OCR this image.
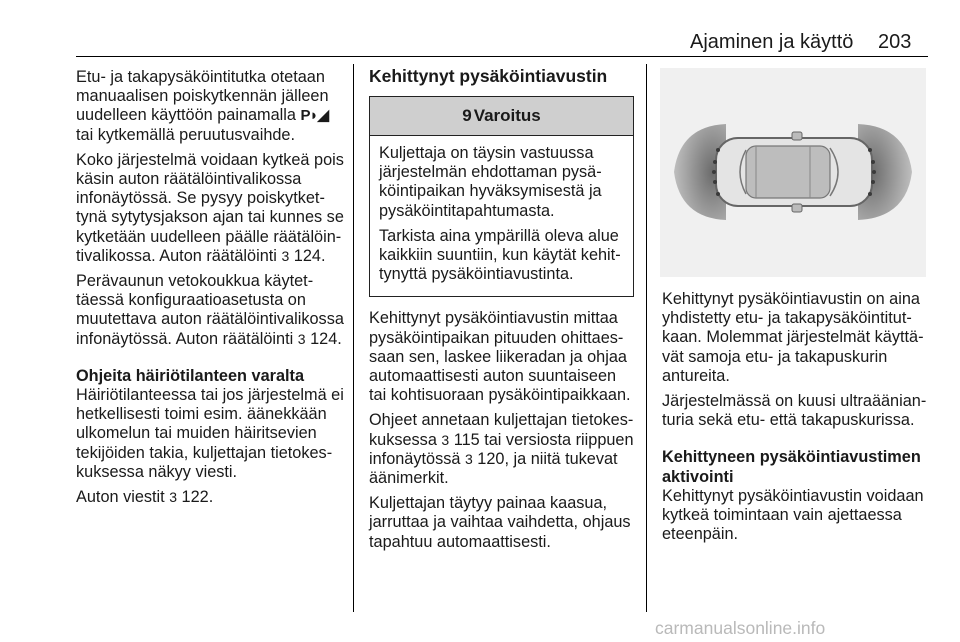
Ajaminen ja käyttö 203

Etu- ja takapysäköintitutka otetaan manuaalisen poiskytkennän jälleen uudelleen käyttöön painamalla P◗◢ tai kytkemällä peruutusvaihde.

Koko järjestelmä voidaan kytkeä pois käsin auton räätälöintivalikossa infonäytössä. Se pysyy poiskytkettynä sytytysjakson ajan tai kunnes se kytketään uudelleen päälle räätälöintivalikossa. Auton räätälöinti 3 124.

Perävaunun vetokoukkua käytettäessä konfiguraatioasetusta on muutettava auton räätälöintivalikossa infonäytössä. Auton räätälöinti 3 124.

Ohjeita häiriötilanteen varalta

Häiriötilanteessa tai jos järjestelmä ei hetkellisesti toimi esim. äänekkään ulkomelun tai muiden häiritsevien tekijöiden takia, kuljettajan tietokeskuksessa näkyy viesti.

Auton viestit 3 122.

Kehittynyt pysäköintiavustin
9 Varoitus

Kuljettaja on täysin vastuussa järjestelmän ehdottaman pysäköintipaikan hyväksymisestä ja pysäköintitapahtumasta.

Tarkista aina ympärillä oleva alue kaikkiin suuntiin, kun käytät kehittynyttä pysäköintiavustinta.

Kehittynyt pysäköintiavustin mittaa pysäköintipaikan pituuden ohittaessaan sen, laskee liikeradan ja ohjaa automaattisesti auton suuntaiseen tai kohtisuoraan pysäköintipaikkaan.

Ohjeet annetaan kuljettajan tietokeskuksessa 3 115 tai versiosta riippuen infonäytössä 3 120, ja niitä tukevat äänimerkit.

Kuljettajan täytyy painaa kaasua, jarruttaa ja vaihtaa vaihdetta, ohjaus tapahtuu automaattisesti.

Kehittynyt pysäköintiavustin on aina yhdistetty etu- ja takapysäköintitutkaan. Molemmat järjestelmät käyttävät samoja etu- ja takapuskurin antureita.

Järjestelmässä on kuusi ultraäänianturia sekä etu- että takapuskurissa.

Kehittyneen pysäköintiavustimen aktivointi

Kehittynyt pysäköintiavustin voidaan kytkeä toimintaan vain ajettaessa eteenpäin.

carmanualsonline.info
